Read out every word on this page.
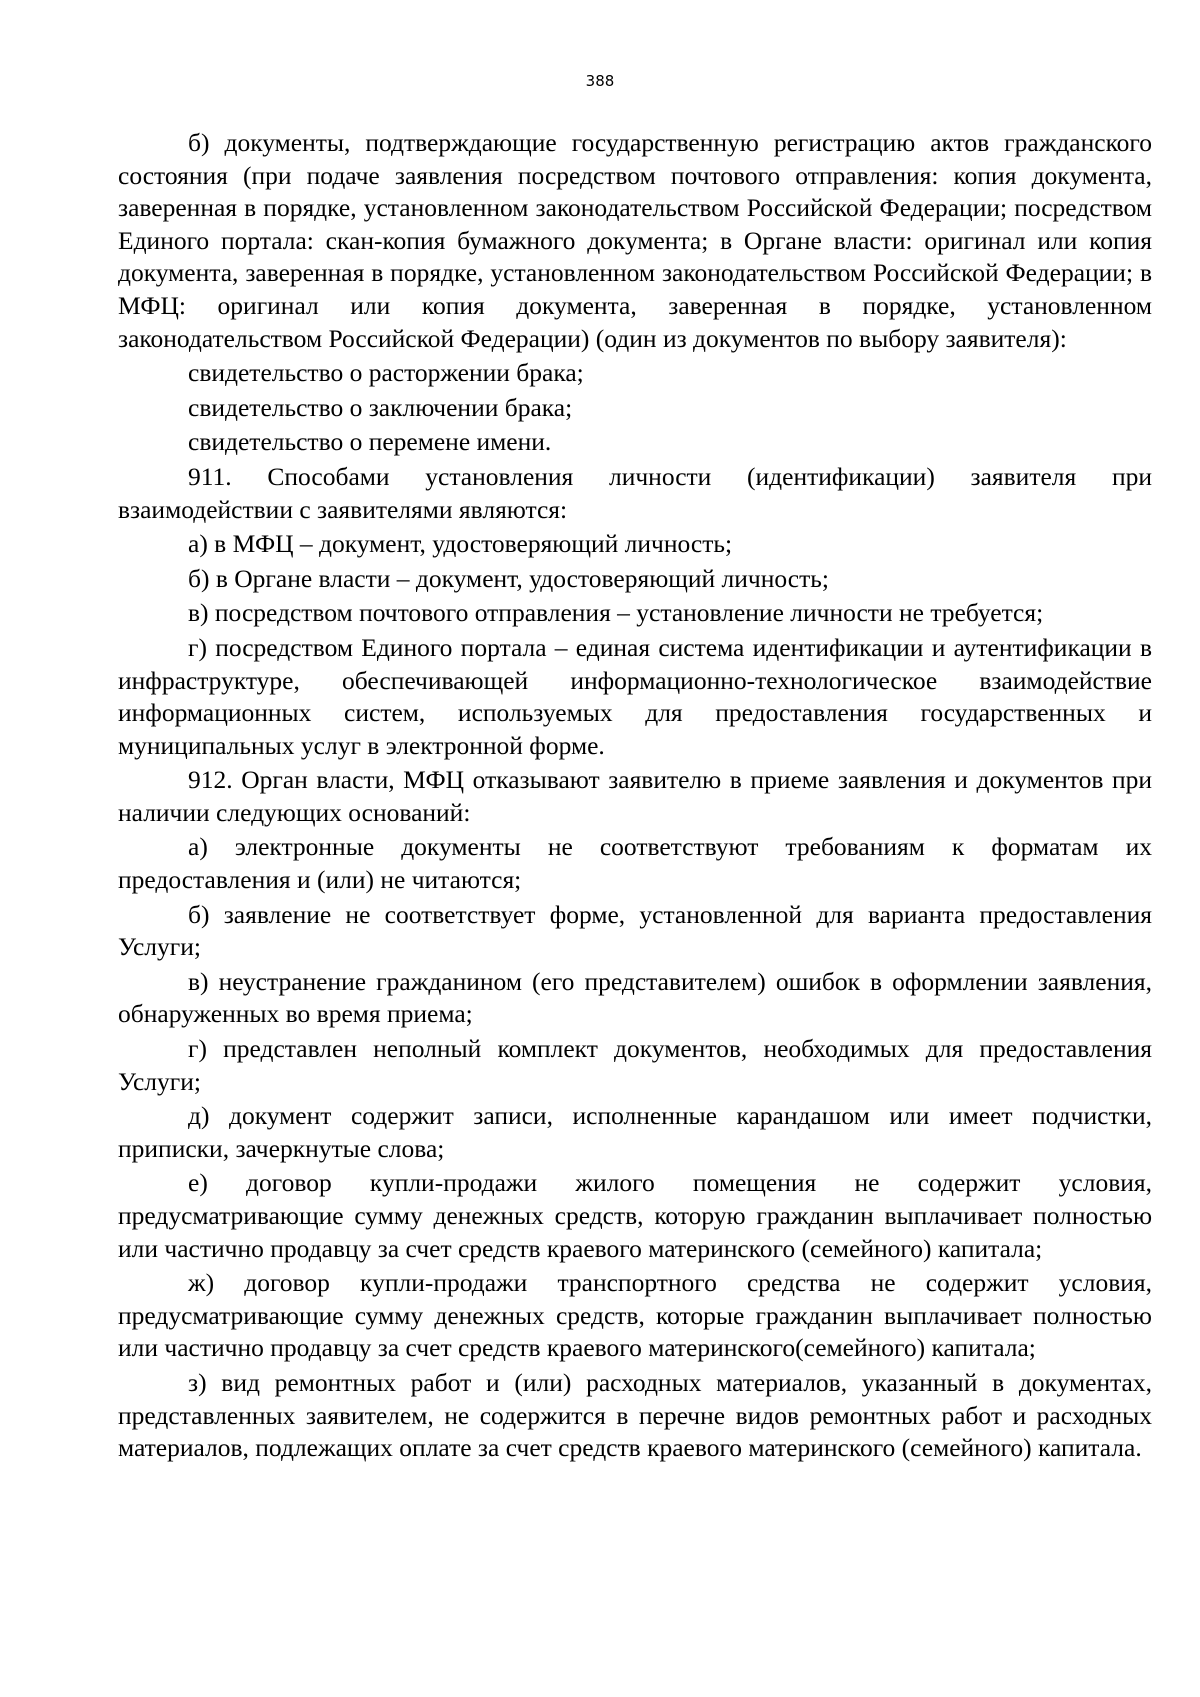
388

б) документы, подтверждающие государственную регистрацию актов гражданского состояния (при подаче заявления посредством почтового отправления: копия документа, заверенная в порядке, установленном законодательством Российской Федерации; посредством Единого портала: скан-копия бумажного документа; в Органе власти: оригинал или копия документа, заверенная в порядке, установленном законодательством Российской Федерации; в МФЦ: оригинал или копия документа, заверенная в порядке, установленном законодательством Российской Федерации) (один из документов по выбору заявителя):

свидетельство о расторжении брака;

свидетельство о заключении брака;

свидетельство о перемене имени.

911. Способами установления личности (идентификации) заявителя при взаимодействии с заявителями являются:

а) в МФЦ – документ, удостоверяющий личность;

б) в Органе власти – документ, удостоверяющий личность;

в) посредством почтового отправления – установление личности не требуется;

г) посредством Единого портала – единая система идентификации и аутентификации в инфраструктуре, обеспечивающей информационно-технологическое взаимодействие информационных систем, используемых для предоставления государственных и муниципальных услуг в электронной форме.

912. Орган власти, МФЦ отказывают заявителю в приеме заявления и документов при наличии следующих оснований:

а) электронные документы не соответствуют требованиям к форматам их предоставления и (или) не читаются;

б) заявление не соответствует форме, установленной для варианта предоставления Услуги;

в) неустранение гражданином (его представителем) ошибок в оформлении заявления, обнаруженных во время приема;

г) представлен неполный комплект документов, необходимых для предоставления Услуги;

д) документ содержит записи, исполненные карандашом или имеет подчистки, приписки, зачеркнутые слова;

е) договор купли-продажи жилого помещения не содержит условия, предусматривающие сумму денежных средств, которую гражданин выплачивает полностью или частично продавцу за счет средств краевого материнского (семейного) капитала;

ж) договор купли-продажи транспортного средства не содержит условия, предусматривающие сумму денежных средств, которые гражданин выплачивает полностью или частично продавцу за счет средств краевого материнского(семейного) капитала;

з) вид ремонтных работ и (или) расходных материалов, указанный в документах, представленных заявителем, не содержится в перечне видов ремонтных работ и расходных материалов, подлежащих оплате за счет средств краевого материнского (семейного) капитала.
